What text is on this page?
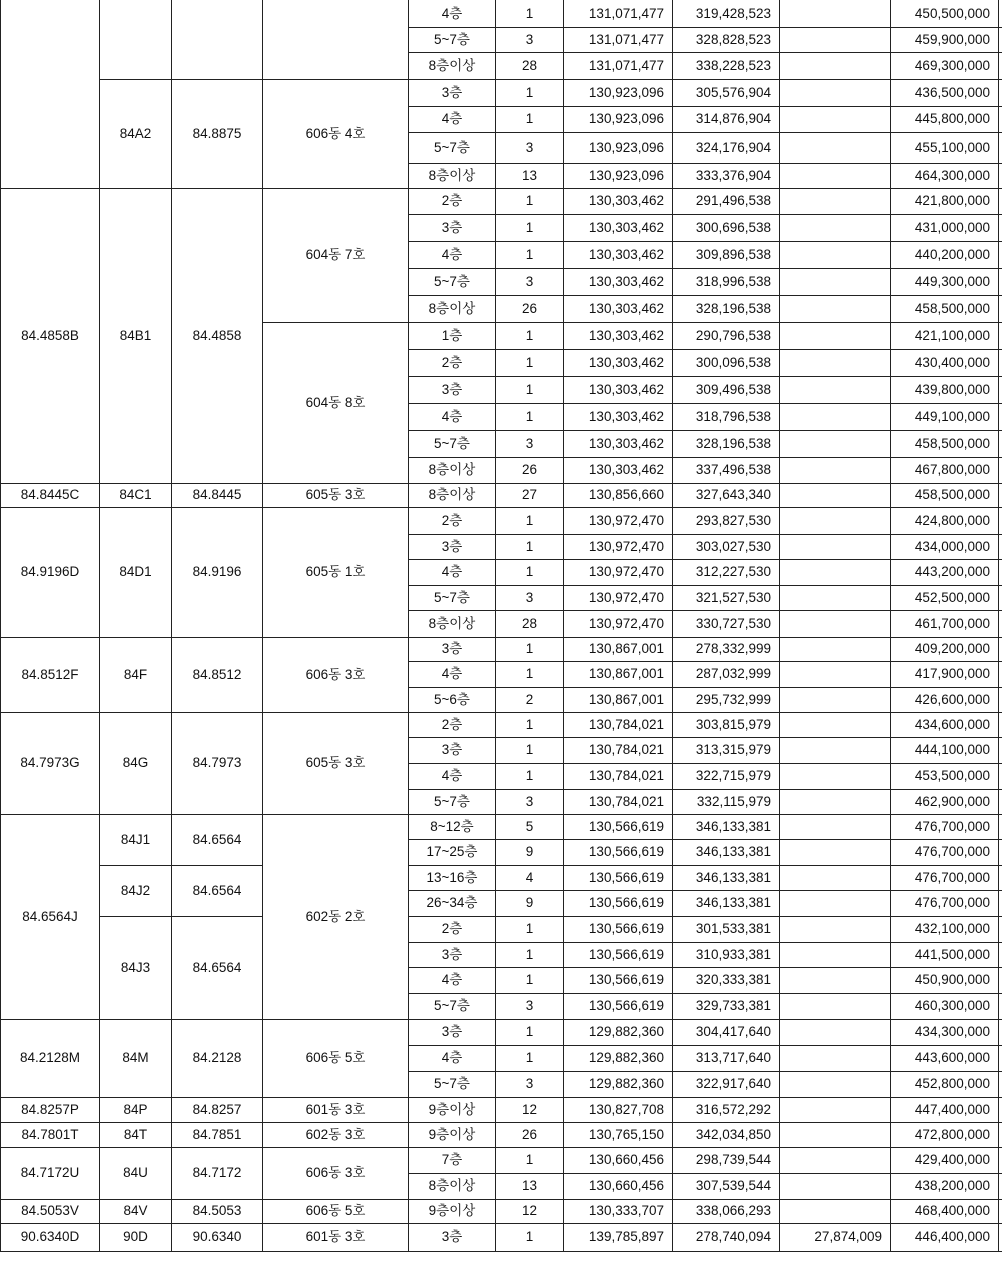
				4층	1	131,071,477	319,428,523		450,500,000	
				5~7층	3	131,071,477	328,828,523		459,900,000	
				8층이상	28	131,071,477	338,228,523		469,300,000	
	84A2	84.8875	606동 4호	3층	1	130,923,096	305,576,904		436,500,000	
				4층	1	130,923,096	314,876,904		445,800,000	
				5~7층	3	130,923,096	324,176,904		455,100,000	
				8층이상	13	130,923,096	333,376,904		464,300,000	
84.4858B	84B1	84.4858	604동 7호	2층	1	130,303,462	291,496,538		421,800,000	
				3층	1	130,303,462	300,696,538		431,000,000	
				4층	1	130,303,462	309,896,538		440,200,000	
				5~7층	3	130,303,462	318,996,538		449,300,000	
				8층이상	26	130,303,462	328,196,538		458,500,000	
			604동 8호	1층	1	130,303,462	290,796,538		421,100,000	
				2층	1	130,303,462	300,096,538		430,400,000	
				3층	1	130,303,462	309,496,538		439,800,000	
				4층	1	130,303,462	318,796,538		449,100,000	
				5~7층	3	130,303,462	328,196,538		458,500,000	
				8층이상	26	130,303,462	337,496,538		467,800,000	
84.8445C	84C1	84.8445	605동 3호	8층이상	27	130,856,660	327,643,340		458,500,000	
84.9196D	84D1	84.9196	605동 1호	2층	1	130,972,470	293,827,530		424,800,000	
				3층	1	130,972,470	303,027,530		434,000,000	
				4층	1	130,972,470	312,227,530		443,200,000	
				5~7층	3	130,972,470	321,527,530		452,500,000	
				8층이상	28	130,972,470	330,727,530		461,700,000	
84.8512F	84F	84.8512	606동 3호	3층	1	130,867,001	278,332,999		409,200,000	
				4층	1	130,867,001	287,032,999		417,900,000	
				5~6층	2	130,867,001	295,732,999		426,600,000	
84.7973G	84G	84.7973	605동 3호	2층	1	130,784,021	303,815,979		434,600,000	
				3층	1	130,784,021	313,315,979		444,100,000	
				4층	1	130,784,021	322,715,979		453,500,000	
				5~7층	3	130,784,021	332,115,979		462,900,000	
84.6564J	84J1	84.6564	602동 2호	8~12층	5	130,566,619	346,133,381		476,700,000	
				17~25층	9	130,566,619	346,133,381		476,700,000	
	84J2	84.6564		13~16층	4	130,566,619	346,133,381		476,700,000	
				26~34층	9	130,566,619	346,133,381		476,700,000	
	84J3	84.6564		2층	1	130,566,619	301,533,381		432,100,000	
				3층	1	130,566,619	310,933,381		441,500,000	
				4층	1	130,566,619	320,333,381		450,900,000	
				5~7층	3	130,566,619	329,733,381		460,300,000	
84.2128M	84M	84.2128	606동 5호	3층	1	129,882,360	304,417,640		434,300,000	
				4층	1	129,882,360	313,717,640		443,600,000	
				5~7층	3	129,882,360	322,917,640		452,800,000	
84.8257P	84P	84.8257	601동 3호	9층이상	12	130,827,708	316,572,292		447,400,000	
84.7801T	84T	84.7851	602동 3호	9층이상	26	130,765,150	342,034,850		472,800,000	
84.7172U	84U	84.7172	606동 3호	7층	1	130,660,456	298,739,544		429,400,000	
				8층이상	13	130,660,456	307,539,544		438,200,000	
84.5053V	84V	84.5053	606동 5호	9층이상	12	130,333,707	338,066,293		468,400,000	
90.6340D	90D	90.6340	601동 3호	3층	1	139,785,897	278,740,094	27,874,009	446,400,000	
